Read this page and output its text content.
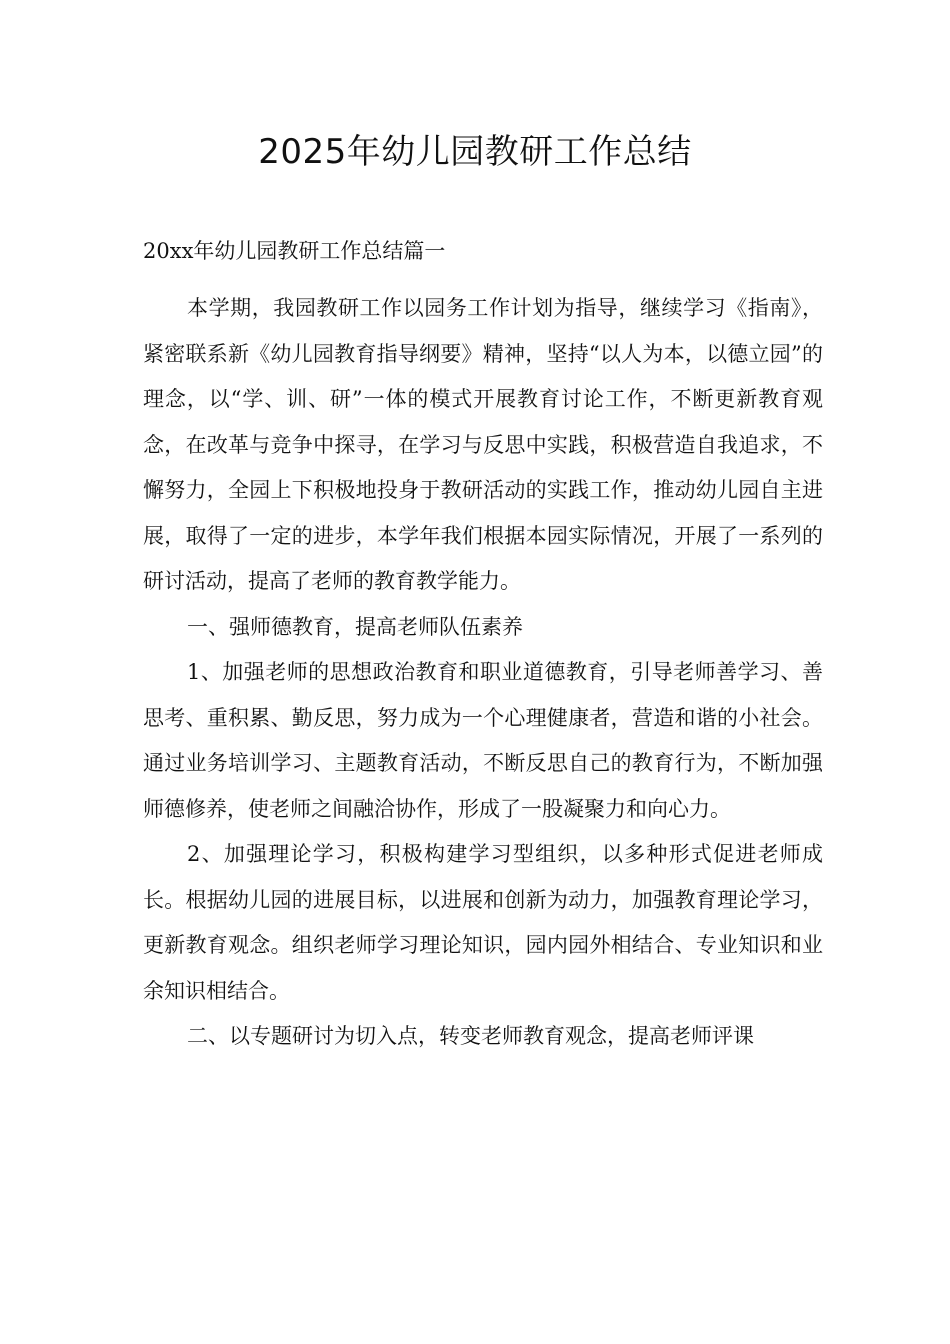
2025年幼儿园教研工作总结
20xx年幼儿园教研工作总结篇一

本学期，我园教研工作以园务工作计划为指导，继续学习《指南》，紧密联系新《幼儿园教育指导纲要》精神，坚持“以人为本，以德立园”的理念，以“学、训、研”一体的模式开展教育讨论工作，不断更新教育观念，在改革与竞争中探寻，在学习与反思中实践，积极营造自我追求，不懈努力，全园上下积极地投身于教研活动的实践工作，推动幼儿园自主进展，取得了一定的进步，本学年我们根据本园实际情况，开展了一系列的研讨活动，提高了老师的教育教学能力。

一、强师德教育，提高老师队伍素养

1、加强老师的思想政治教育和职业道德教育，引导老师善学习、善思考、重积累、勤反思，努力成为一个心理健康者，营造和谐的小社会。通过业务培训学习、主题教育活动，不断反思自己的教育行为，不断加强师德修养，使老师之间融洽协作，形成了一股凝聚力和向心力。

2、加强理论学习，积极构建学习型组织，以多种形式促进老师成长。根据幼儿园的进展目标，以进展和创新为动力，加强教育理论学习，更新教育观念。组织老师学习理论知识，园内园外相结合、专业知识和业余知识相结合。

二、以专题研讨为切入点，转变老师教育观念，提高老师评课
